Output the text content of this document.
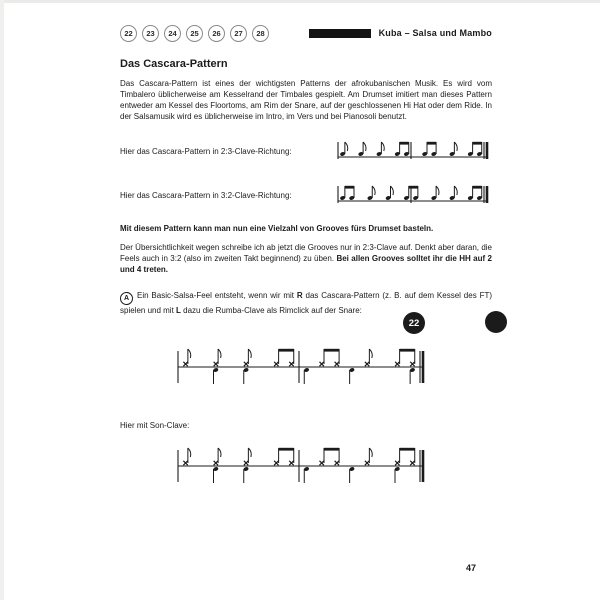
22	23	24	25	26	27	28	Kuba – Salsa und Mambo
Das Cascara-Pattern

Das Cascara-Pattern ist eines der wichtigsten Patterns der afrokubanischen Musik. Es wird vom Timbalero üblicherweise am Kesselrand der Timbales gespielt. Am Drumset imitiert man dieses Pattern entweder am Kessel des Floortoms, am Rim der Snare, auf der geschlossenen Hi Hat oder dem Ride. In der Salsamusik wird es üblicherweise im Intro, im Vers und bei Pianosoli benutzt.

Hier das Cascara-Pattern in 2:3-Clave-Richtung:
Hier das Cascara-Pattern in 3:2-Clave-Richtung:

Mit diesem Pattern kann man nun eine Vielzahl von Grooves fürs Drumset basteln.

Der Übersichtlichkeit wegen schreibe ich ab jetzt die Grooves nur in 2:3-Clave auf. Denkt aber daran, die Feels auch in 3:2 (also im zweiten Takt beginnend) zu üben. Bei allen Grooves solltet ihr die HH auf 2 und 4 treten.

A Ein Basic-Salsa-Feel entsteht, wenn wir mit R das Cascara-Pattern (z. B. auf dem Kessel des FT) spielen und mit L dazu die Rumba-Clave als Rimclick auf der Snare:

Hier mit Son-Clave:

22
47
